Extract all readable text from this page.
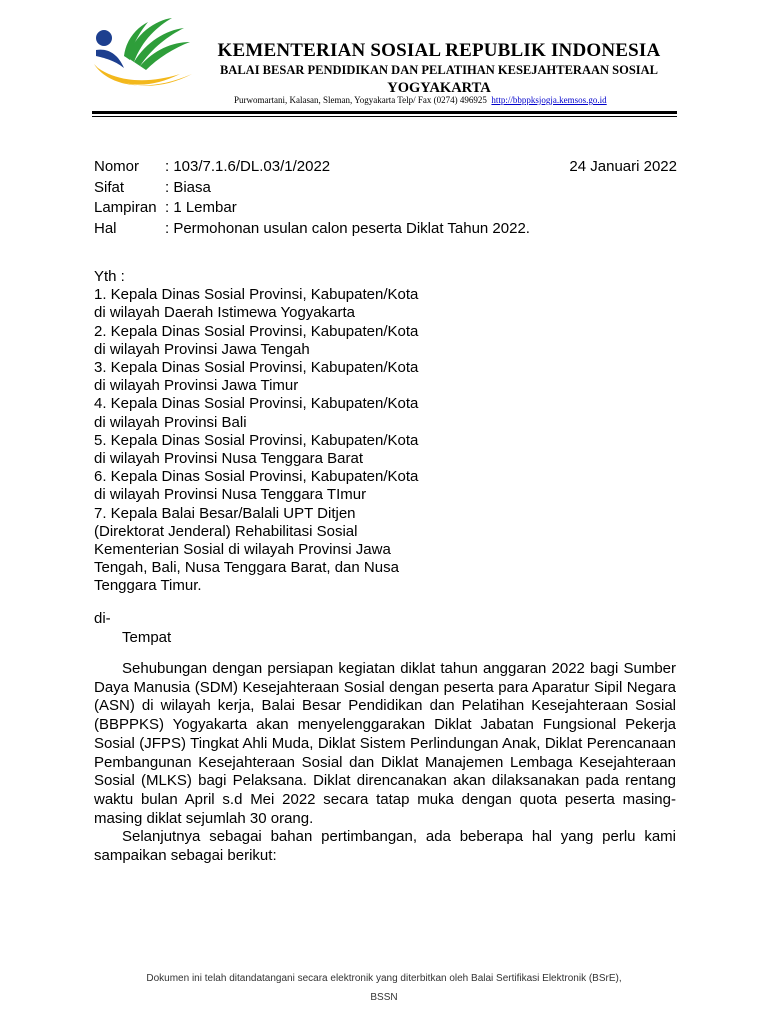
KEMENTERIAN SOSIAL REPUBLIK INDONESIA
BALAI BESAR PENDIDIKAN DAN PELATIHAN KESEJAHTERAAN SOSIAL
YOGYAKARTA
Purwomartani, Kalasan, Sleman, Yogyakarta Telp/ Fax (0274) 496925 http://bbppksjogja.kemsos.go.id
Nomor	: 103/7.1.6/DL.03/1/2022
Sifat	: Biasa
Lampiran : 1 Lembar
Hal	: Permohonan usulan calon peserta Diklat Tahun 2022.
24 Januari 2022
Yth :
1. Kepala Dinas Sosial Provinsi, Kabupaten/Kota
di wilayah Daerah Istimewa Yogyakarta
2. Kepala Dinas Sosial Provinsi, Kabupaten/Kota
di wilayah Provinsi Jawa Tengah
3. Kepala Dinas Sosial Provinsi, Kabupaten/Kota
di wilayah Provinsi Jawa Timur
4. Kepala Dinas Sosial Provinsi, Kabupaten/Kota
di wilayah Provinsi Bali
5. Kepala Dinas Sosial Provinsi, Kabupaten/Kota
di wilayah Provinsi Nusa Tenggara Barat
6. Kepala Dinas Sosial Provinsi, Kabupaten/Kota
di wilayah Provinsi Nusa Tenggara TImur
7. Kepala Balai Besar/Balali UPT Ditjen
(Direktorat Jenderal) Rehabilitasi Sosial
Kementerian Sosial di wilayah Provinsi Jawa
Tengah, Bali, Nusa Tenggara Barat, dan Nusa
Tenggara Timur.
di-
Tempat

Sehubungan dengan persiapan kegiatan diklat tahun anggaran 2022 bagi Sumber Daya Manusia (SDM) Kesejahteraan Sosial dengan peserta para Aparatur Sipil Negara (ASN) di wilayah kerja, Balai Besar Pendidikan dan Pelatihan Kesejahteraan Sosial (BBPPKS) Yogyakarta akan menyelenggarakan Diklat Jabatan Fungsional Pekerja Sosial (JFPS) Tingkat Ahli Muda, Diklat Sistem Perlindungan Anak, Diklat Perencanaan Pembangunan Kesejahteraan Sosial dan Diklat Manajemen Lembaga Kesejahteraan Sosial (MLKS) bagi Pelaksana. Diklat direncanakan akan dilaksanakan pada rentang waktu bulan April s.d Mei 2022 secara tatap muka dengan quota peserta masing-masing diklat sejumlah 30 orang.

Selanjutnya sebagai bahan pertimbangan, ada beberapa hal yang perlu kami sampaikan sebagai berikut:

Dokumen ini telah ditandatangani secara elektronik yang diterbitkan oleh Balai Sertifikasi Elektronik (BSrE),
BSSN
